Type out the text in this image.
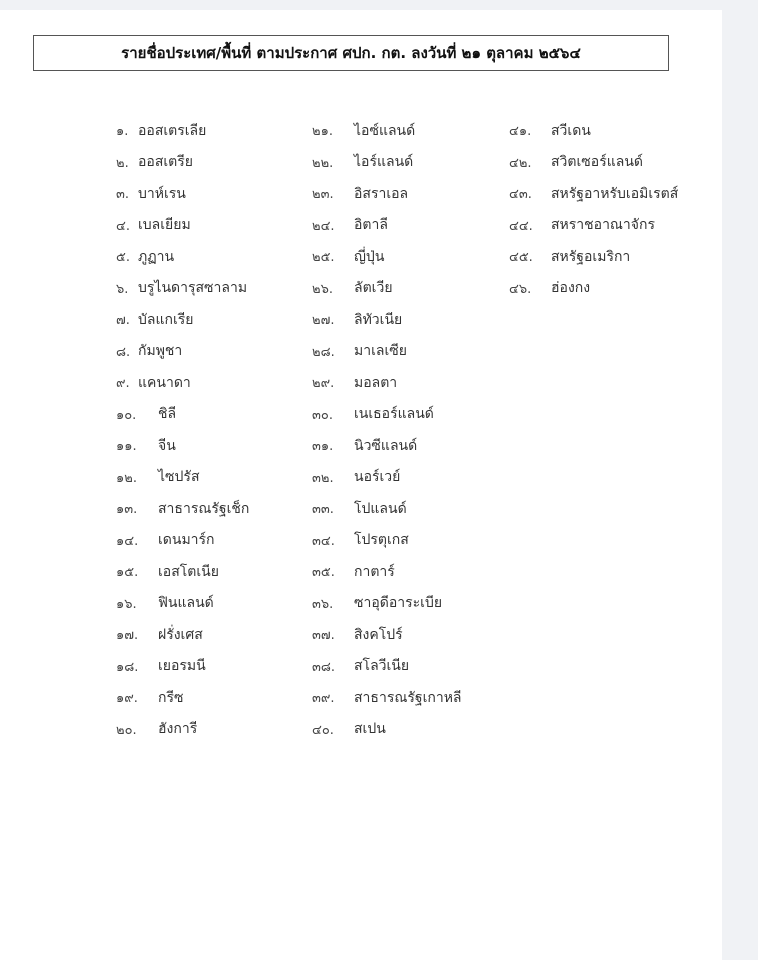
รายชื่อประเทศ/พื้นที่ ตามประกาศ ศปก. กต. ลงวันที่ ๒๑ ตุลาคม ๒๕๖๔
๑. ออสเตรเลีย
๒. ออสเตรีย
๓. บาห์เรน
๔. เบลเยียม
๕. ภูฏาน
๖. บรูไนดารุสซาลาม
๗. บัลแกเรีย
๘. กัมพูชา
๙. แคนาดา
๑๐.	ชิลี
๑๑.	จีน
๑๒.	ไซปรัส
๑๓.	สาธารณรัฐเช็ก
๑๔.	เดนมาร์ก
๑๕.	เอสโตเนีย
๑๖.	ฟินแลนด์
๑๗.	ฝรั่งเศส
๑๘.	เยอรมนี
๑๙.	กรีซ
๒๐.	ฮังการี
๒๑.	ไอซ์แลนด์
๒๒.	ไอร์แลนด์
๒๓.	อิสราเอล
๒๔.	อิตาลี
๒๕.	ญี่ปุ่น
๒๖.	ลัตเวีย
๒๗.	ลิทัวเนีย
๒๘.	มาเลเซีย
๒๙.	มอลตา
๓๐.	เนเธอร์แลนด์
๓๑.	นิวซีแลนด์
๓๒.	นอร์เวย์
๓๓.	โปแลนด์
๓๔.	โปรตุเกส
๓๕.	กาตาร์
๓๖.	ซาอุดีอาระเบีย
๓๗.	สิงคโปร์
๓๘.	สโลวีเนีย
๓๙.	สาธารณรัฐเกาหลี
๔๐.	สเปน
๔๑.	สวีเดน
๔๒.	สวิตเซอร์แลนด์
๔๓.	สหรัฐอาหรับเอมิเรตส์
๔๔.	สหราชอาณาจักร
๔๕.	สหรัฐอเมริกา
๔๖.	ฮ่องกง
